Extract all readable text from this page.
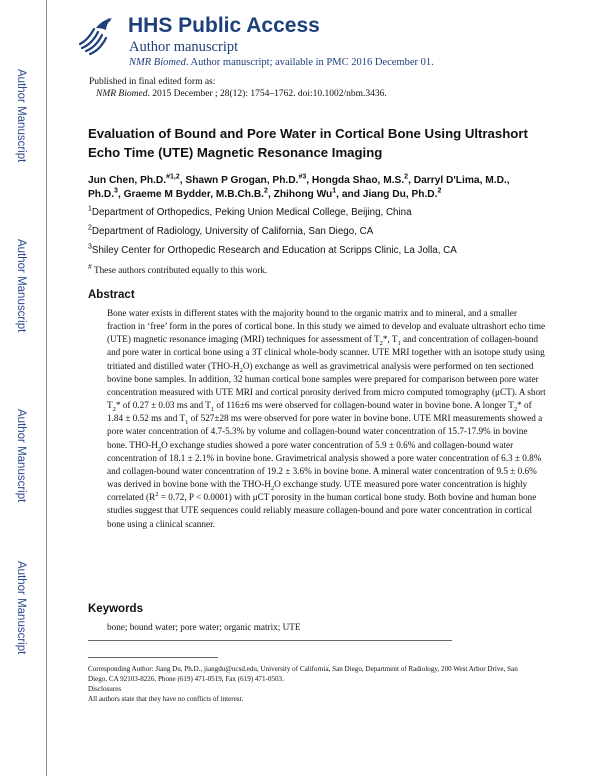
Author Manuscript
Author Manuscript
Author Manuscript
Author Manuscript
HHS Public Access
Author manuscript
NMR Biomed. Author manuscript; available in PMC 2016 December 01.
Published in final edited form as:
NMR Biomed. 2015 December ; 28(12): 1754–1762. doi:10.1002/nbm.3436.
Evaluation of Bound and Pore Water in Cortical Bone Using Ultrashort Echo Time (UTE) Magnetic Resonance Imaging
Jun Chen, Ph.D.$^{\#1,2}$, Shawn P Grogan, Ph.D.$^{\#3}$, Hongda Shao, M.S.$^2$, Darryl D'Lima, M.D., Ph.D.$^3$, Graeme M Bydder, M.B.Ch.B.$^2$, Zhihong Wu$^1$, and Jiang Du, Ph.D.$^2$
$^1$Department of Orthopedics, Peking Union Medical College, Beijing, China
$^2$Department of Radiology, University of California, San Diego, CA
$^3$Shiley Center for Orthopedic Research and Education at Scripps Clinic, La Jolla, CA
# These authors contributed equally to this work.
Abstract
Bone water exists in different states with the majority bound to the organic matrix and to mineral, and a smaller fraction in ‘free’ form in the pores of cortical bone. In this study we aimed to develop and evaluate ultrashort echo time (UTE) magnetic resonance imaging (MRI) techniques for assessment of $T_2*$, $T_1$ and concentration of collagen-bound and pore water in cortical bone using a 3T clinical whole-body scanner. UTE MRI together with an isotope study using tritiated and distilled water $(THO-H_2O)$ exchange as well as gravimetrical analysis were performed on ten sectioned bovine bone samples. In addition, 32 human cortical bone samples were prepared for comparison between pore water concentration measured with UTE MRI and cortical porosity derived from micro computed tomography (μCT). A short $T_2*$ of 0.27 ± 0.03 ms and $T_1$ of 116±6 ms were observed for collagen-bound water in bovine bone. A longer $T_2*$ of 1.84 ± 0.52 ms and $T_1$ of 527±28 ms were observed for pore water in bovine bone. UTE MRI measurements showed a pore water concentration of 4.7-5.3% by volume and collagen-bound water concentration of 15.7-17.9% in bovine bone. THO-$H_2O$ exchange studies showed a pore water concentration of 5.9 ± 0.6% and collagen-bound water concentration of 18.1 ± 2.1% in bovine bone. Gravimetrical analysis showed a pore water concentration of 6.3 ± 0.8% and collagen-bound water concentration of 19.2 ± 3.6% in bovine bone. A mineral water concentration of 9.5 ± 0.6% was derived in bovine bone with the THO-$H_2O$ exchange study. UTE measured pore water concentration is highly correlated ($R^2 = 0.72$, P < 0.0001) with μCT porosity in the human cortical bone study. Both bovine and human bone studies suggest that UTE sequences could reliably measure collagen-bound and pore water concentration in cortical bone using a clinical scanner.
Keywords
bone; bound water; pore water; organic matrix; UTE
Corresponding Author: Jiang Du, Ph.D., jiangdu@ucsd.edu, University of California, San Diego, Department of Radiology, 200 West Arbor Drive, San Diego, CA 92103-8226, Phone (619) 471-0519, Fax (619) 471-0503.
Disclosures
All authors state that they have no conflicts of interest.
